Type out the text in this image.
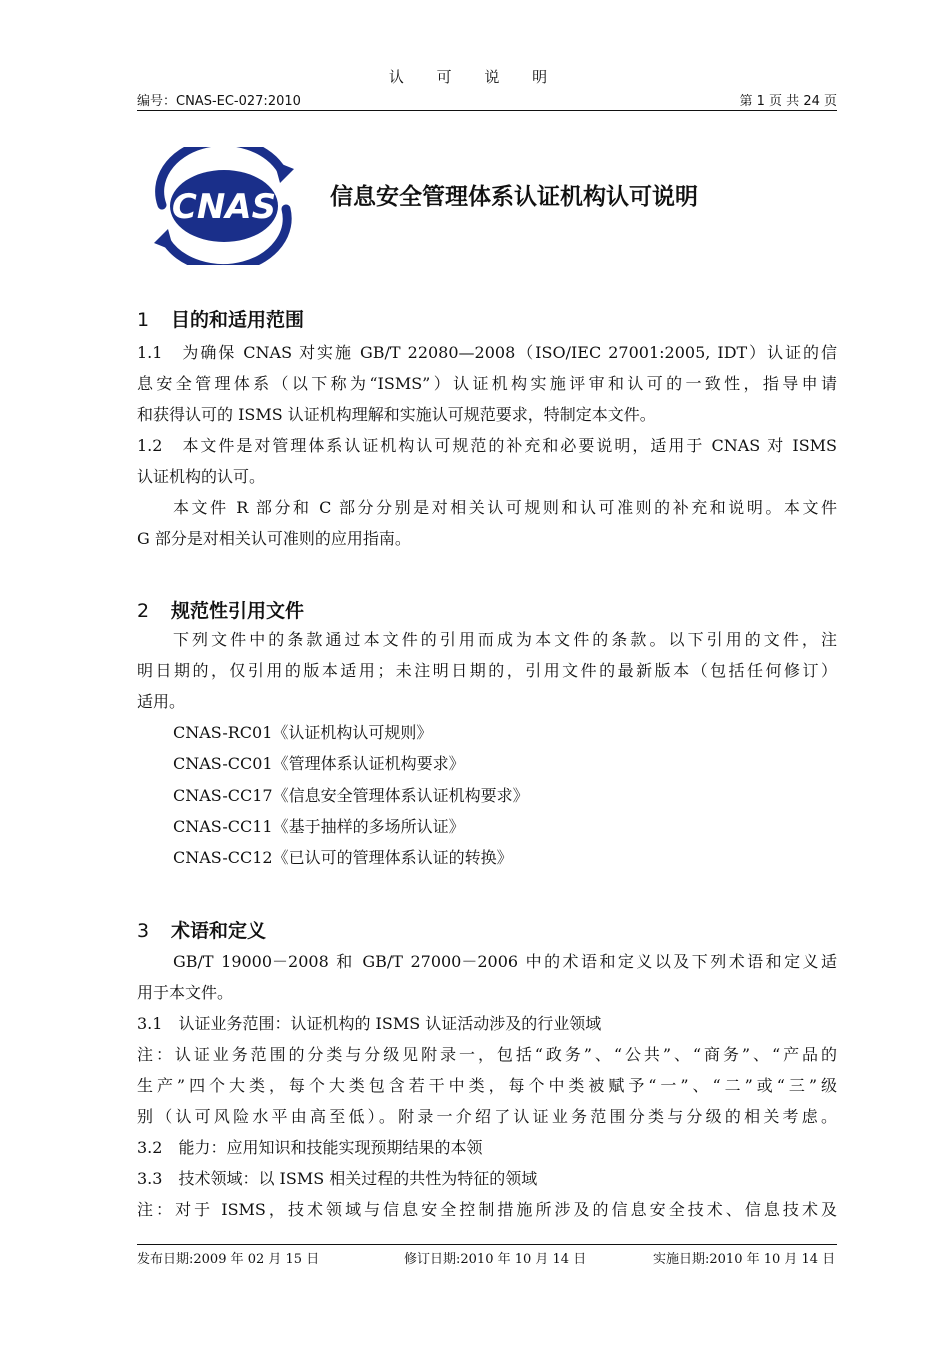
认 可 说 明
编号：CNAS-EC-027:2010	第 1 页 共 24 页
CNAS 信息安全管理体系认证机构认可说明
1 目的和适用范围
1.1　为确保 CNAS 对实施 GB/T 22080—2008（ISO/IEC 27001:2005, IDT）认证的信
息安全管理体系（以下称为“ISMS”）认证机构实施评审和认可的一致性，指导申请
和获得认可的 ISMS 认证机构理解和实施认可规范要求，特制定本文件。
1.2　本文件是对管理体系认证机构认可规范的补充和必要说明，适用于 CNAS 对 ISMS
认证机构的认可。
本文件 R 部分和 C 部分分别是对相关认可规则和认可准则的补充和说明。本文件
G 部分是对相关认可准则的应用指南。
2 规范性引用文件
下列文件中的条款通过本文件的引用而成为本文件的条款。以下引用的文件，注
明日期的，仅引用的版本适用；未注明日期的，引用文件的最新版本（包括任何修订）
适用。
CNAS-RC01《认证机构认可规则》
CNAS-CC01《管理体系认证机构要求》
CNAS-CC17《信息安全管理体系认证机构要求》
CNAS-CC11《基于抽样的多场所认证》
CNAS-CC12《已认可的管理体系认证的转换》
3 术语和定义
GB/T 19000－2008 和 GB/T 27000－2006 中的术语和定义以及下列术语和定义适
用于本文件。
3.1　认证业务范围：认证机构的 ISMS 认证活动涉及的行业领域
注：认证业务范围的分类与分级见附录一，包括“政务”、“公共”、“商务”、“产品的
生产”四个大类，每个大类包含若干中类，每个中类被赋予“一”、“二”或“三”级
别（认可风险水平由高至低）。附录一介绍了认证业务范围分类与分级的相关考虑。
3.2　能力：应用知识和技能实现预期结果的本领
3.3　技术领域：以 ISMS 相关过程的共性为特征的领域
注：对于 ISMS，技术领域与信息安全控制措施所涉及的信息安全技术、信息技术及
发布日期:2009 年 02 月 15 日	修订日期:2010 年 10 月 14 日	实施日期:2010 年 10 月 14 日
